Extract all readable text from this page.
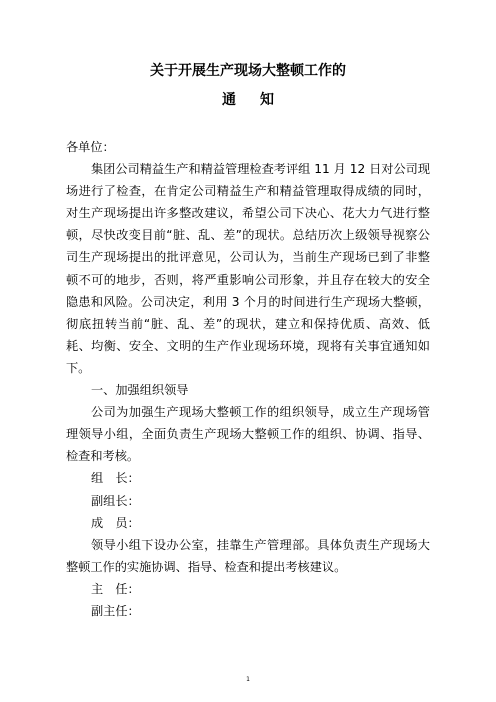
关于开展生产现场大整顿工作的
通 知

各单位：

集团公司精益生产和精益管理检查考评组 11 月 12 日对公司现场进行了检查，在肯定公司精益生产和精益管理取得成绩的同时，对生产现场提出许多整改建议，希望公司下决心、花大力气进行整顿，尽快改变目前“脏、乱、差”的现状。总结历次上级领导视察公司生产现场提出的批评意见，公司认为，当前生产现场已到了非整顿不可的地步，否则，将严重影响公司形象，并且存在较大的安全隐患和风险。公司决定，利用 3 个月的时间进行生产现场大整顿，彻底扭转当前“脏、乱、差”的现状，建立和保持优质、高效、低耗、均衡、安全、文明的生产作业现场环境，现将有关事宜通知如下。

一、加强组织领导

公司为加强生产现场大整顿工作的组织领导，成立生产现场管理领导小组，全面负责生产现场大整顿工作的组织、协调、指导、检查和考核。

组　长：

副组长：

成　员：

领导小组下设办公室，挂靠生产管理部。具体负责生产现场大整顿工作的实施协调、指导、检查和提出考核建议。

主　任：

副主任：

1
